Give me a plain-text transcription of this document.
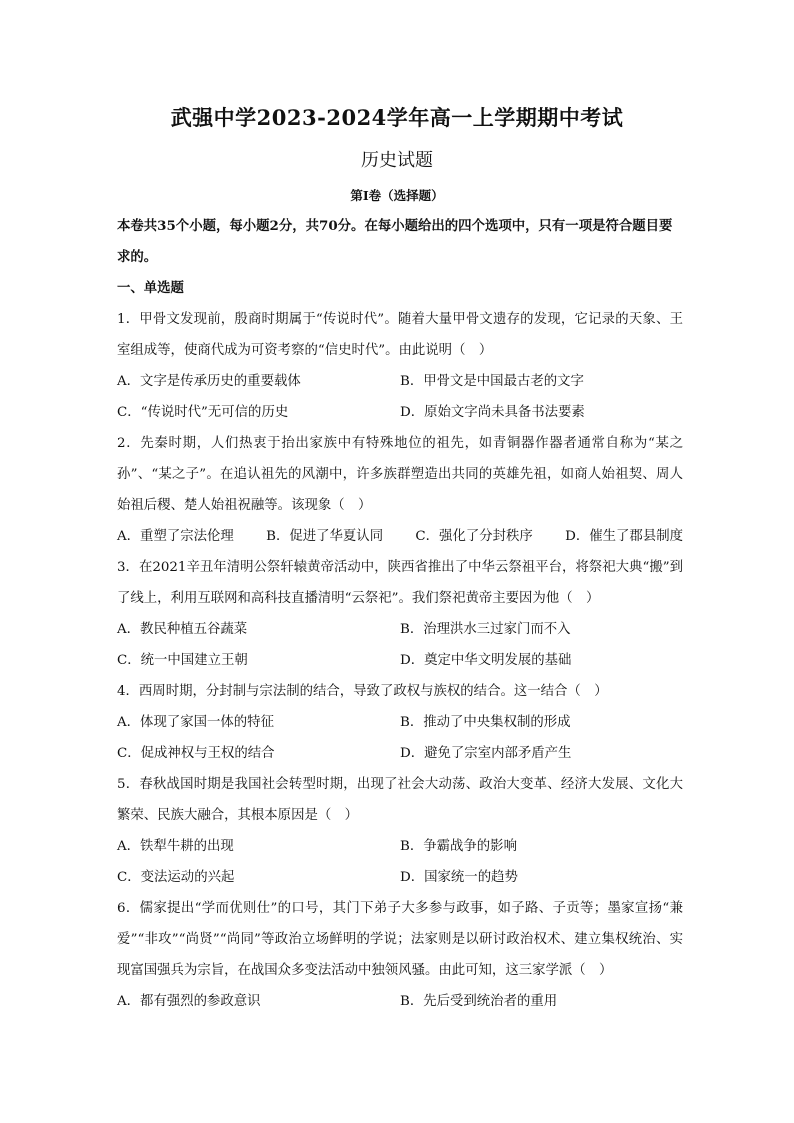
武强中学2023-2024学年高一上学期期中考试
历史试题
第I卷（选择题）
本卷共35个小题，每小题2分，共70分。在每小题给出的四个选项中，只有一项是符合题目要求的。
一、单选题
1．甲骨文发现前，殷商时期属于“传说时代”。随着大量甲骨文遗存的发现，它记录的天象、王室组成等，使商代成为可资考察的“信史时代”。由此说明（　）
A．文字是传承历史的重要载体	B．甲骨文是中国最古老的文字
C．“传说时代”无可信的历史	D．原始文字尚未具备书法要素
2．先秦时期，人们热衷于抬出家族中有特殊地位的祖先，如青铜器作器者通常自称为“某之孙”、“某之子”。在追认祖先的风潮中，许多族群塑造出共同的英雄先祖，如商人始祖契、周人始祖后稷、楚人始祖祝融等。该现象（　）
A．重塑了宗法伦理 B．促进了华夏认同 C．强化了分封秩序 D．催生了郡县制度
3．在2021辛丑年清明公祭轩辕黄帝活动中，陕西省推出了中华云祭祖平台，将祭祀大典“搬”到了线上，利用互联网和高科技直播清明“云祭祀”。我们祭祀黄帝主要因为他（　）
A．教民种植五谷蔬菜	B．治理洪水三过家门而不入
C．统一中国建立王朝	D．奠定中华文明发展的基础
4．西周时期，分封制与宗法制的结合，导致了政权与族权的结合。这一结合（　）
A．体现了家国一体的特征	B．推动了中央集权制的形成
C．促成神权与王权的结合	D．避免了宗室内部矛盾产生
5．春秋战国时期是我国社会转型时期，出现了社会大动荡、政治大变革、经济大发展、文化大繁荣、民族大融合，其根本原因是（　）
A．铁犁牛耕的出现	B．争霸战争的影响
C．变法运动的兴起	D．国家统一的趋势
6．儒家提出“学而优则仕”的口号，其门下弟子大多参与政事，如子路、子贡等；墨家宣扬“兼爱”“非攻”“尚贤”“尚同”等政治立场鲜明的学说；法家则是以研讨政治权术、建立集权统治、实现富国强兵为宗旨，在战国众多变法活动中独领风骚。由此可知，这三家学派（　）
A．都有强烈的参政意识	B．先后受到统治者的重用
